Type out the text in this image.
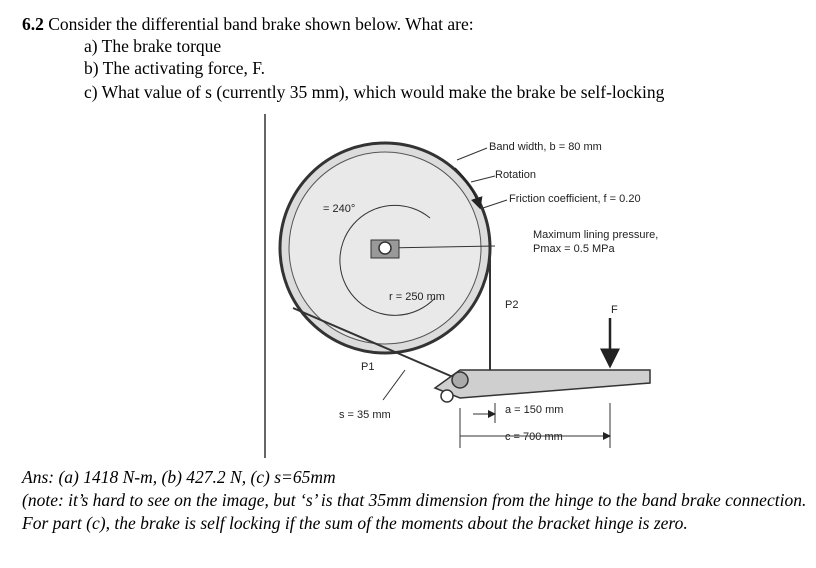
6.2 Consider the differential band brake shown below. What are:
a) The brake torque
b) The activating force, F.
c) What value of s (currently 35 mm), which would make the brake be self-locking
Band width, b = 80 mm
Rotation
Friction coefficient, f = 0.20
Maximum lining pressure,
Pmax = 0.5 MPa
= 240°
r = 250 mm
P1
P2	F
s = 35 mm	a = 150 mm
c = 700 mm
Ans: (a) 1418 N-m, (b) 427.2 N, (c) s=65mm
(note: it’s hard to see on the image, but ‘s’ is that 35mm dimension from the hinge to the band brake connection. For part (c), the brake is self locking if the sum of the moments about the bracket hinge is zero.
